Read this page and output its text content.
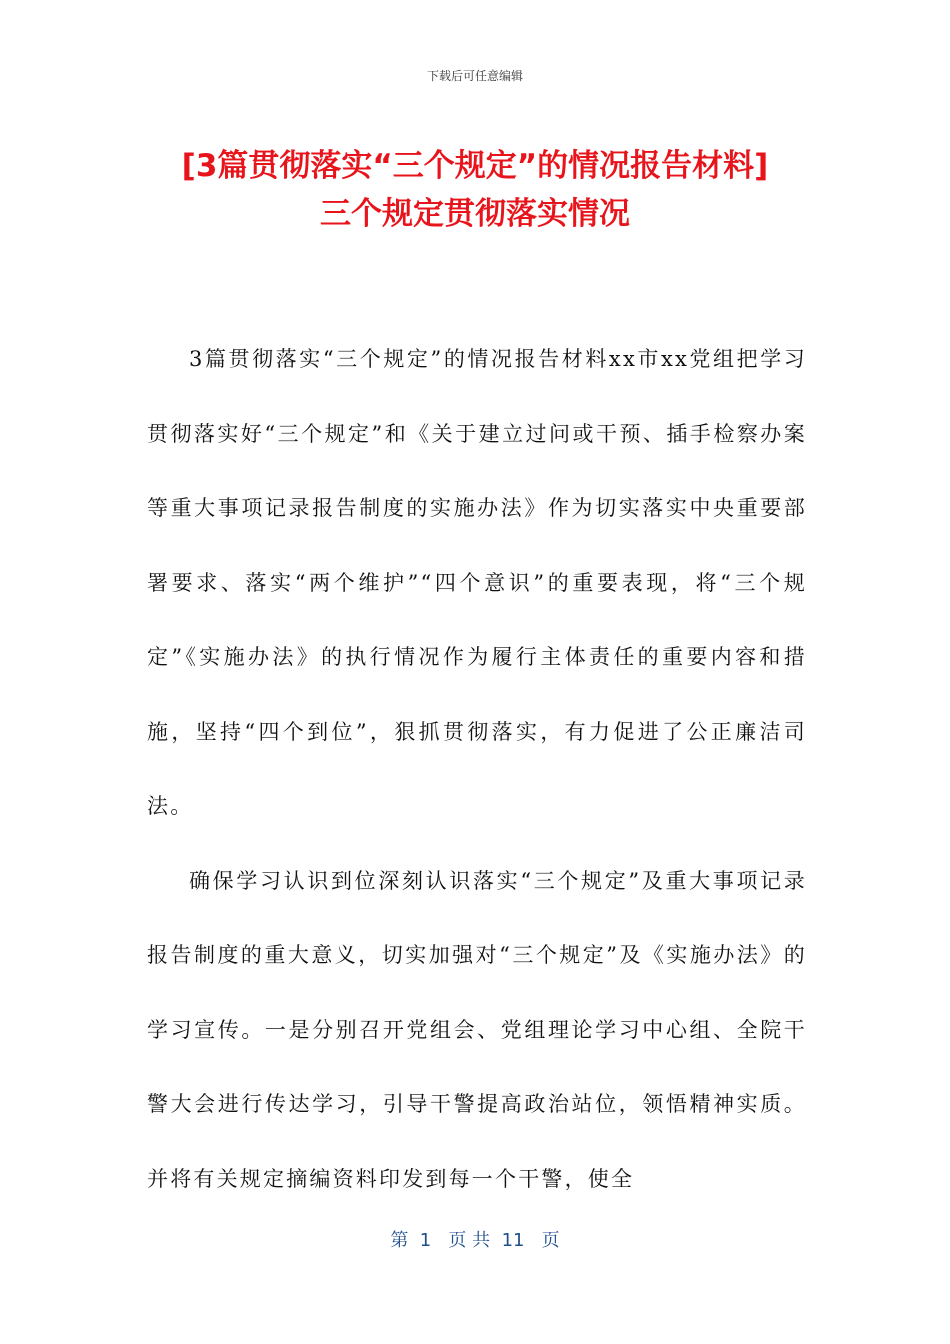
下载后可任意编辑
[3篇贯彻落实“三个规定”的情况报告材料]
三个规定贯彻落实情况

3篇贯彻落实“三个规定”的情况报告材料xx市xx党组把学习贯彻落实好“三个规定”和《关于建立过问或干预、插手检察办案等重大事项记录报告制度的实施办法》作为切实落实中央重要部署要求、落实“两个维护”“四个意识”的重要表现，将“三个规定”《实施办法》的执行情况作为履行主体责任的重要内容和措施，坚持“四个到位”，狠抓贯彻落实，有力促进了公正廉洁司法。

确保学习认识到位深刻认识落实“三个规定”及重大事项记录报告制度的重大意义，切实加强对“三个规定”及《实施办法》的学习宣传。一是分别召开党组会、党组理论学习中心组、全院干警大会进行传达学习，引导干警提高政治站位，领悟精神实质。并将有关规定摘编资料印发到每一个干警，使全

第  1   页 共  11   页
